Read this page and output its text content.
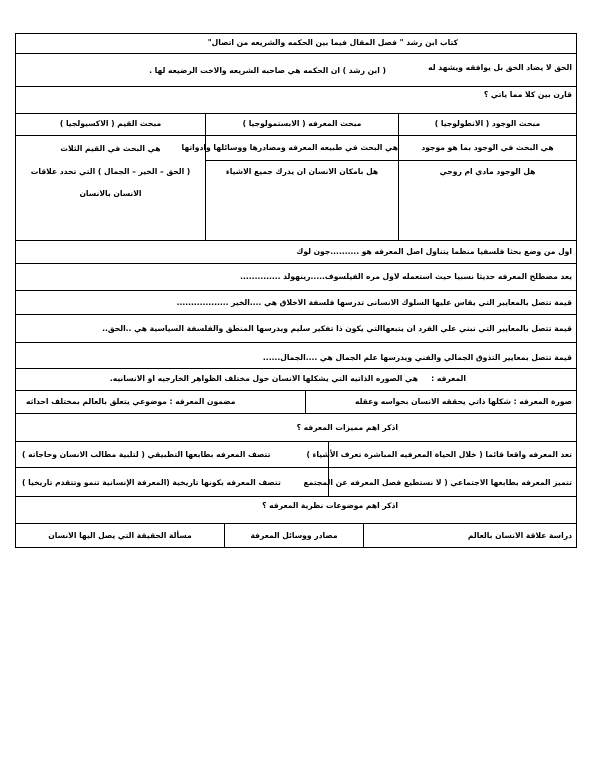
كتاب ابن رشد " فصل المقال فيما بين الحكمه والشريعه من اتصال"
الحق لا يضاد الحق بل يوافقه ويشهد له
( ابن رشد ) ان الحكمه هي صاحبه الشريعه والاخت الرضيعه لها .
قارن بين كلا مما ياتي ؟
مبحث الوجود ( الانطولوجيا )
مبحث المعرفه ( الابستمولوجيا )
مبحث القيم ( الاكسيولجيا )
هي البحث في الوجود بما هو موجود
هل الوجود مادي ام روحي
هي البحث في طبيعه المعرفه ومصادرها ووسائلها وادواتها
هل بامكان الانسان ان يدرك جميع الاشياء
هي البحث في القيم الثلاث
( الحق – الخير – الجمال ) التي تحدد علاقات
الانسان بالانسان
اول من وضع بحثا فلسفيا منظما يتناول اصل المعرفه هو ..........جون لوك
يعد مصطلح المعرفه حديثا نسبيا حيث استعمله لاول مره الفيلسوف.....رينهولد ..............
قيمة تتصل بالمعايير التي يقاس عليها السلوك الانسانى تدرسها فلسفة الاخلاق هي ....الخير ..................
قيمة تتصل بالمعايير التي نبني علي الفرد ان يتبعهاالتي يكون ذا تفكير سليم ويدرسها المنطق والفلسفة السياسية هي ..الحق..
قيمة تتصل بمعايير التذوق الجمالي والفني ويدرسها علم الجمال هي ....الجمال......
المعرفه :
هي الصوره الذاتيه التي يشكلها الانسان حول مختلف الظواهر الخارجيه او الانسانيه.
صورة المعرفه : شكلها ذاتي يحققه الانسان بحواسه وعقله
مضمون المعرفه : موضوعي يتعلق بالعالم بمختلف احداثه
اذكر اهم مميزات المعرفه ؟
تعد المعرفه واقعا قائما ( خلال الحياة المعرفيه المباشرة تعرف الأشياء )
تتصف المعرفه بطابعها التطبيقي ( لتلبية مطالب الانسان وحاجاته )
تتميز المعرفه بطابعها الاجتماعي ( لا نستطيع فصل المعرفه عن المجتمع
تتصف المعرفه بكونها تاريخية (المعرفة الإنسانية تنمو وتتقدم تاريخيا )
اذكر اهم موضوعات نظرية المعرفه ؟
دراسة علاقة الانسان بالعالم
مصادر ووسائل المعرفة
مسألة الحقيقة التي يصل اليها الانسان
